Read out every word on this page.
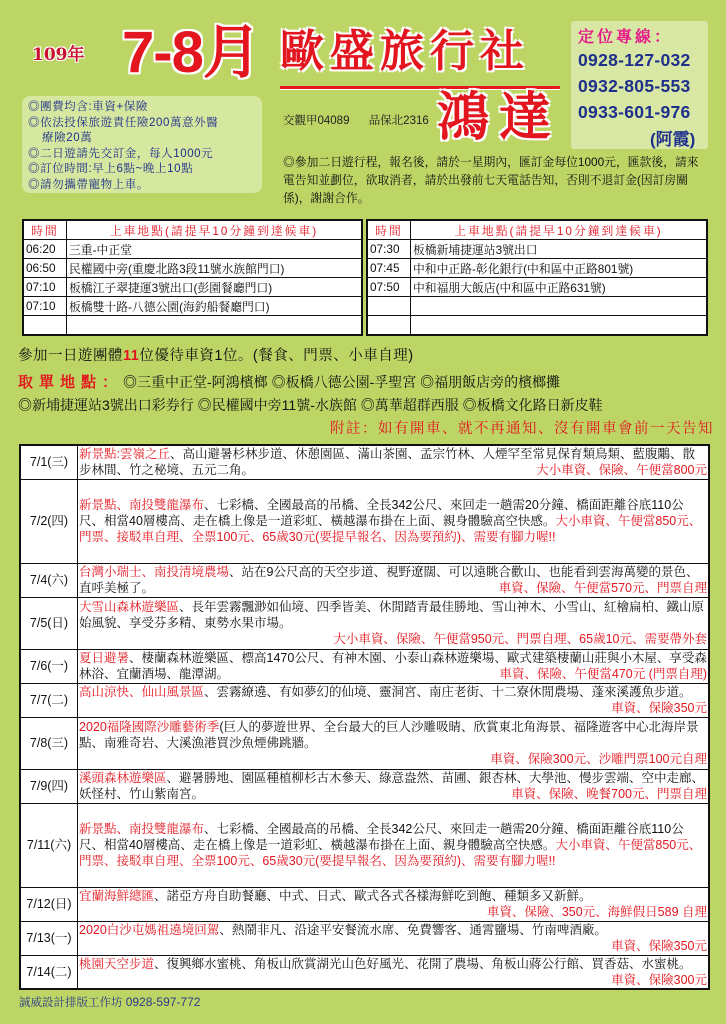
109年 7-8月 歐盛旅行社
鴻達
交觀甲04089 品保北2316
定位專線：
0928-127-032
0932-805-553
0933-601-976
(阿霞)
◎團費均含:車資+保險
◎依法投保旅遊責任險200萬意外醫
療險20萬
◎二日遊請先交訂金，每人1000元
◎訂位時間:早上6點~晚上10點
◎請勿攜帶寵物上車。
◎參加二日遊行程，報名後，請於一星期內，匯訂金每位1000元，匯款後，請來電告知並劃位，欲取消者，請於出發前七天電話告知，否則不退訂金(因訂房關係)，謝謝合作。
時間	上車地點(請提早10分鐘到達候車)
06:20	三重-中正堂
06:50	民權國中旁(重慶北路3段11號水族館門口)
07:10	板橋江子翠捷運3號出口(彭園餐廳門口)
07:10	板橋雙十路-八德公園(海釣船餐廳門口)

時間	上車地點(請提早10分鐘到達候車)
07:30	板橋新埔捷運站3號出口
07:45	中和中正路-彰化銀行(中和區中正路801號)
07:50	中和福朋大飯店(中和區中正路631號)

參加一日遊團體11位優待車資1位。(餐食、門票、小車自理)
取單地點：◎三重中正堂-阿鴻檳榔 ◎板橋八德公園-孚聖宮 ◎福朋飯店旁的檳榔攤
◎新埔捷運站3號出口彩券行 ◎民權國中旁11號-水族館 ◎萬華超群西服 ◎板橋文化路日新皮鞋
附註：如有開車、就不再通知、沒有開車會前一天告知
7/1(三)	新景點:雲嶺之丘、高山避暑杉林步道、休憩園區、滿山茶園、孟宗竹林、人煙罕至常見保育類鳥類、藍腹鷴、散步林間、竹之秘境、五元二角。 大小車資、保險、午便當800元

7/2(四)	新景點、南投雙龍瀑布、七彩橋、全國最高的吊橋、全長342公尺、來回走一趟需20分鐘、橋面距離谷底110公尺、相當40層樓高、走在橋上像是一道彩虹、橫越瀑布掛在上面、親身體驗高空快感。大小車資、午便當850元、門票、接駁車自理、全票100元、65歲30元(要提早報名、因為要預約)、需要有腳力喔!!
7/4(六)	台灣小瑞士、南投清境農場、站在9公尺高的天空步道、視野遼闊、可以遠眺合歡山、也能看到雲海萬變的景色、直呼美極了。 車資、保險、午便當570元、門票自理

7/5(日)	大雪山森林遊樂區、長年雲霧飄渺如仙境、四季皆美、休閒踏青最佳勝地、雪山神木、小雪山、紅檜扁柏、鐵山原始風貌、享受芬多精、東勢水果市場。
大小車資、保險、午便當950元、門票自理、65歲10元、需要帶外套

7/6(一)	夏日避暑、棲蘭森林遊樂區、標高1470公尺、有神木園、小泰山森林遊樂場、歐式建築棲蘭山莊與小木屋、享受森林浴、宜蘭酒場、龍潭湖。 車資、保險、午便當470元 (門票自理)

7/7(二)	高山涼快、仙山風景區、雲霧繚遶、有如夢幻的仙境、靈洞宮、南庄老街、十二寮休閒農場、蓬來溪護魚步道。
車資、保險350元

7/8(三)	2020福隆國際沙雕藝術季(巨人的夢遊世界、全台最大的巨人沙雕吸睛、欣賞東北角海景、福隆遊客中心北海岸景點、南雅奇岩、大溪漁港買沙魚煙佛跳牆。
車資、保險300元、沙雕門票100元自理

7/9(四)	溪頭森林遊樂區、避暑勝地、園區種植柳杉古木參天、綠意盎然、苗圃、銀杏林、大學池、慢步雲端、空中走廊、妖怪村、竹山紫南宮。 車資、保險、晚餐700元、門票自理

7/11(六)	新景點、南投雙龍瀑布、七彩橋、全國最高的吊橋、全長342公尺、來回走一趟需20分鐘、橋面距離谷底110公尺、相當40層樓高、走在橋上像是一道彩虹、橫越瀑布掛在上面、親身體驗高空快感。大小車資、午便當850元、門票、接駁車自理、全票100元、65歲30元(要提早報名、因為要預約)、需要有腳力喔!!
7/12(日)	宜蘭海鮮總匯、諾亞方舟自助餐廳、中式、日式、歐式各式各樣海鮮吃到飽、種類多又新鮮。
車資、保險、350元、海鮮假日589 自理

7/13(一)	2020白沙屯媽祖遶境回駕、熱鬧非凡、沿途平安餐流水席、免費響客、通霄鹽場、竹南啤酒廠。
車資、保險350元

7/14(二)	桃園天空步道、復興鄉水蜜桃、角板山欣賞湖光山色好風光、花開了農場、角板山蔣公行館、買香菇、水蜜桃。
車資、保險300元
誠威設計排版工作坊 0928-597-772
